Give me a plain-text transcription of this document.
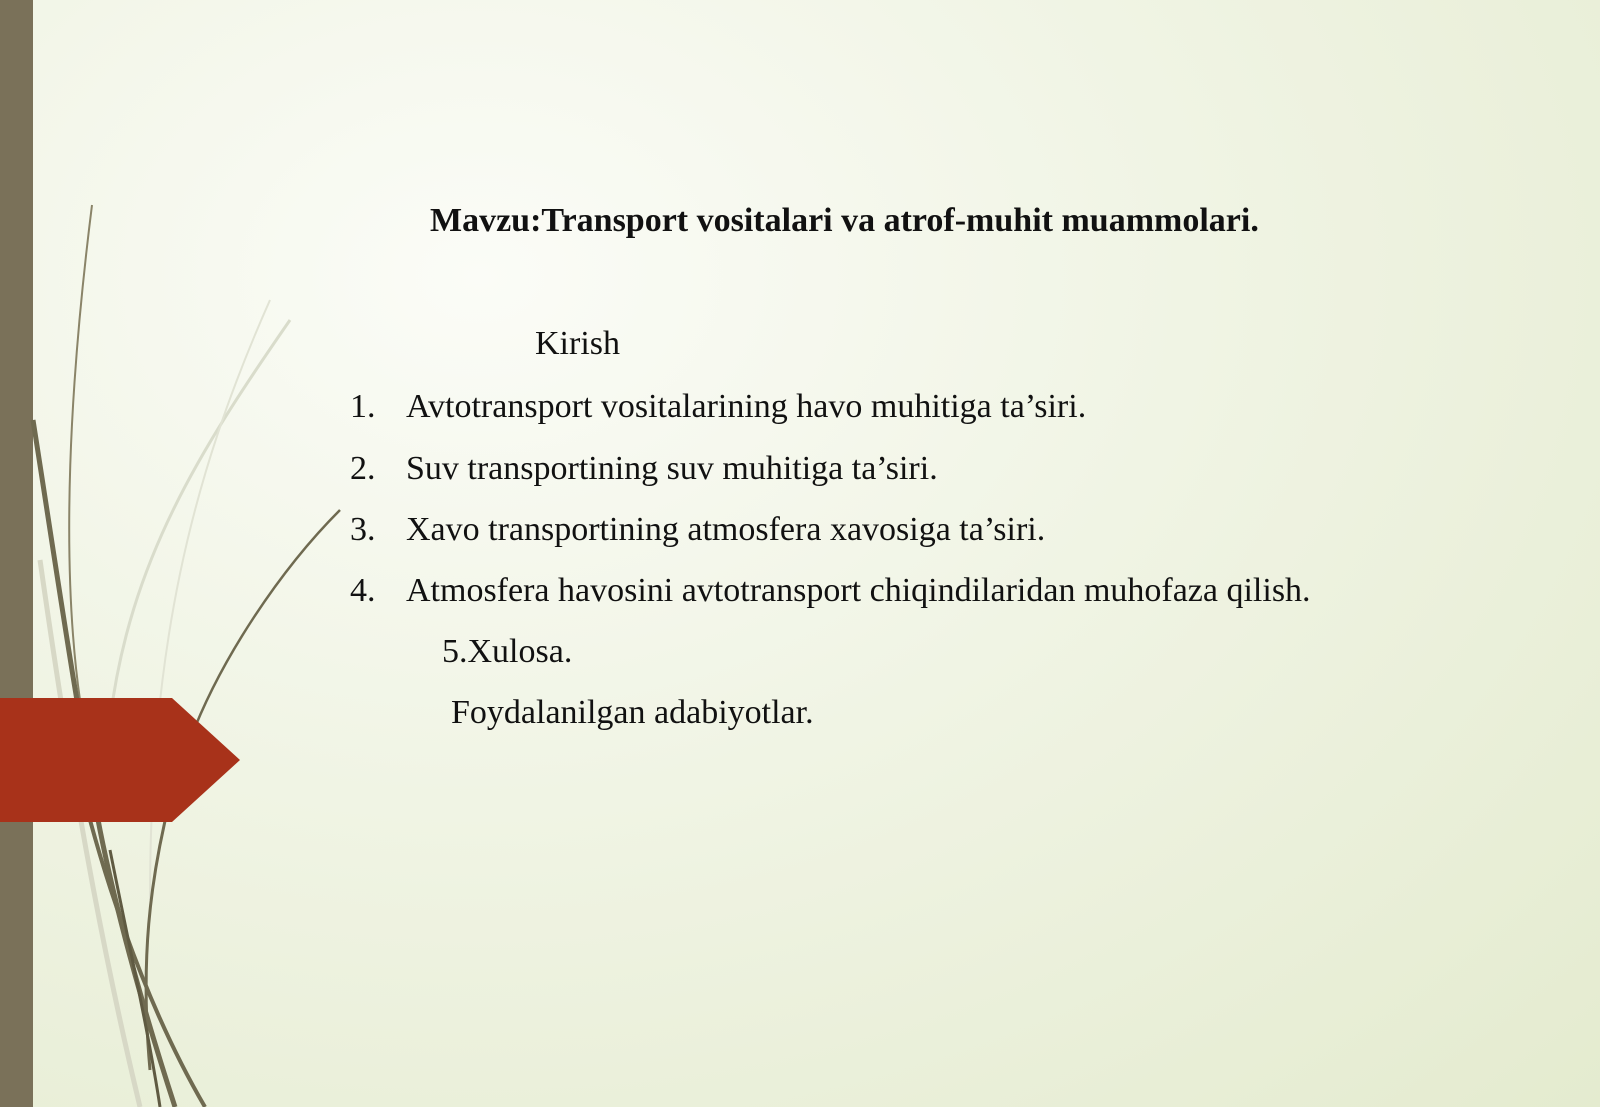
Mavzu:Transport vositalari va atrof-muhit muammolari.
Kirish
1. Avtotransport vositalarining havo muhitiga ta’siri.
2. Suv transportining suv muhitiga ta’siri.
3. Xavo transportining atmosfera xavosiga ta’siri.
4. Atmosfera havosini avtotransport chiqindilaridan muhofaza qilish.
5.Xulosa.
Foydalanilgan adabiyotlar.
